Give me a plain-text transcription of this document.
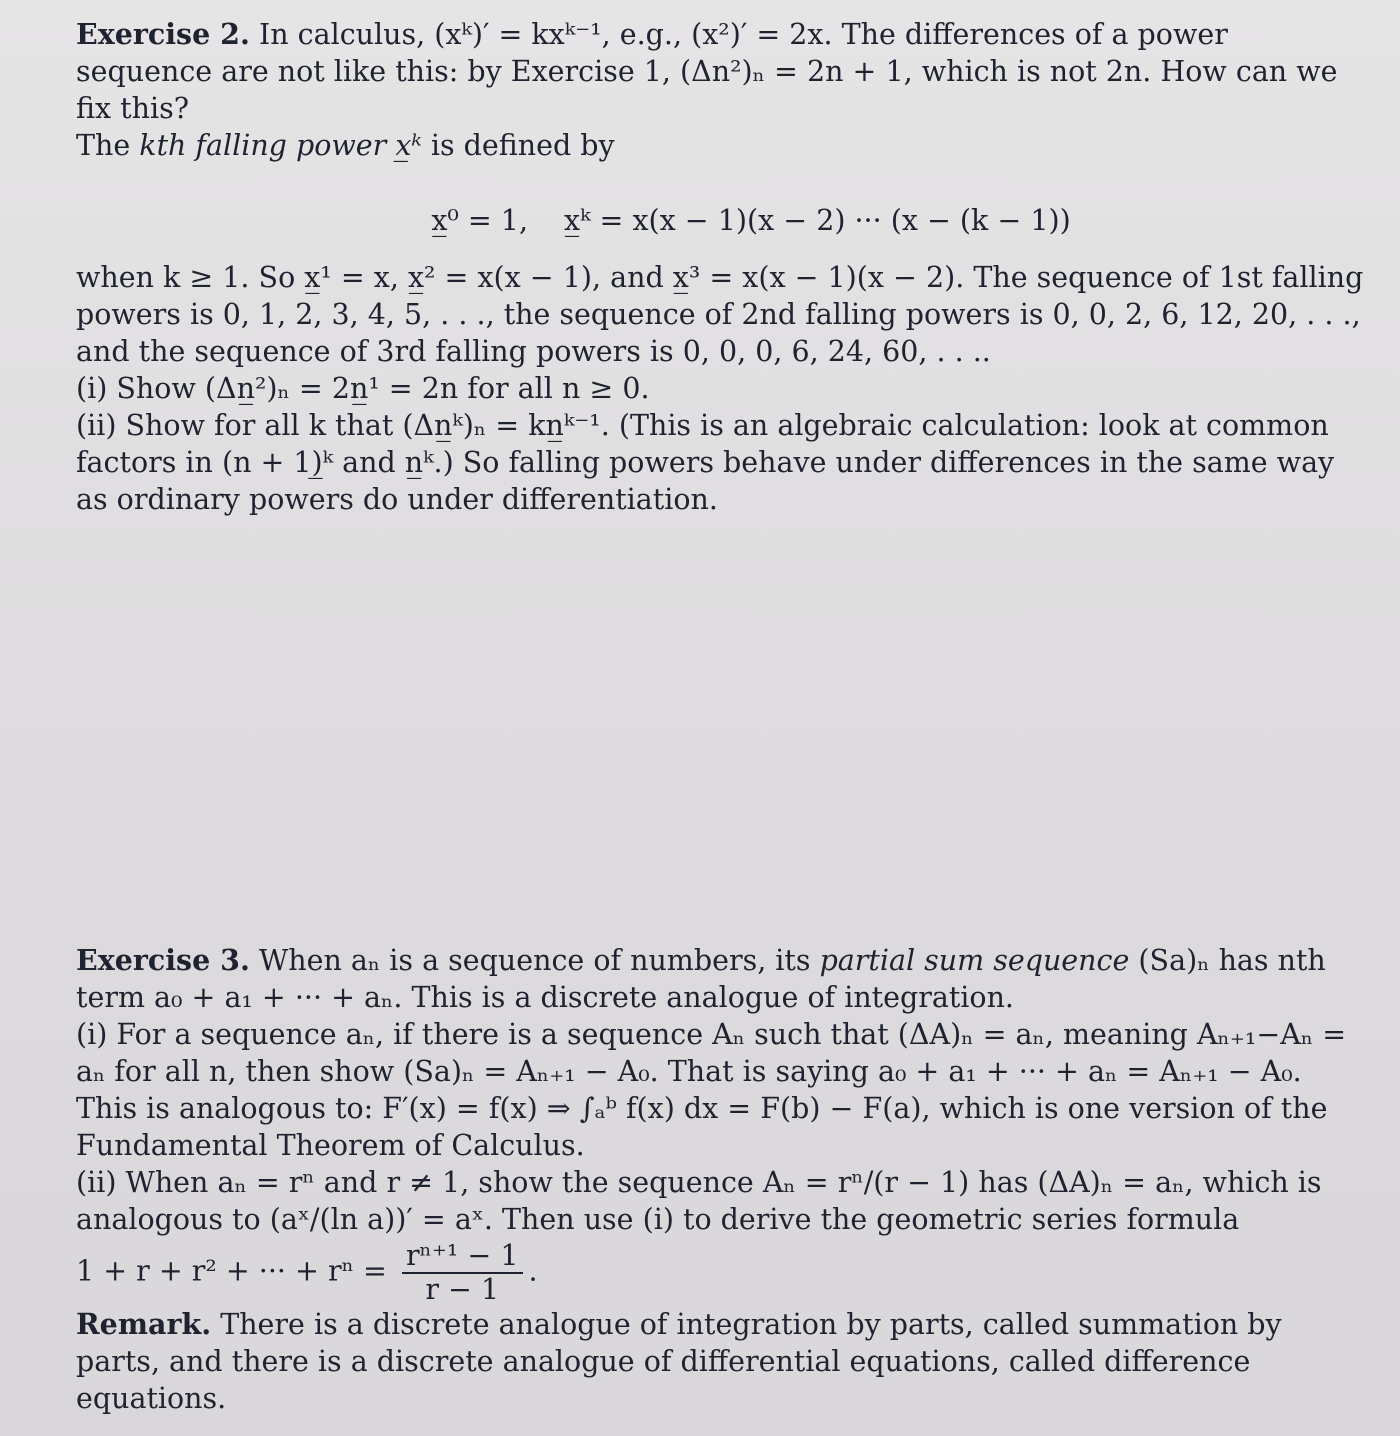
Exercise 2. In calculus, (xᵏ)′ = kxᵏ⁻¹, e.g., (x²)′ = 2x. The differences of a power sequence are not like this: by Exercise 1, (Δn²)ₙ = 2n + 1, which is not 2n. How can we fix this?

The kth falling power x̲ᵏ is defined by

x̲⁰ = 1, x̲ᵏ = x(x − 1)(x − 2) ··· (x − (k − 1))

when k ≥ 1. So x̲¹ = x, x̲² = x(x − 1), and x̲³ = x(x − 1)(x − 2). The sequence of 1st falling powers is 0, 1, 2, 3, 4, 5, . . ., the sequence of 2nd falling powers is 0, 0, 2, 6, 12, 20, . . ., and the sequence of 3rd falling powers is 0, 0, 0, 6, 24, 60, . . ..

(i) Show (Δn̲²)ₙ = 2n̲¹ = 2n for all n ≥ 0.

(ii) Show for all k that (Δn̲ᵏ)ₙ = kn̲ᵏ⁻¹. (This is an algebraic calculation: look at common factors in (n + 1)̲ᵏ and n̲ᵏ.) So falling powers behave under differences in the same way as ordinary powers do under differentiation.

Exercise 3. When aₙ is a sequence of numbers, its partial sum sequence (Sa)ₙ has nth term a₀ + a₁ + ··· + aₙ. This is a discrete analogue of integration.

(i) For a sequence aₙ, if there is a sequence Aₙ such that (ΔA)ₙ = aₙ, meaning Aₙ₊₁−Aₙ = aₙ for all n, then show (Sa)ₙ = Aₙ₊₁ − A₀. That is saying a₀ + a₁ + ··· + aₙ = Aₙ₊₁ − A₀. This is analogous to: F′(x) = f(x) ⇒ ∫ₐᵇ f(x) dx = F(b) − F(a), which is one version of the Fundamental Theorem of Calculus.

(ii) When aₙ = rⁿ and r ≠ 1, show the sequence Aₙ = rⁿ/(r − 1) has (ΔA)ₙ = aₙ, which is analogous to (aˣ/(ln a))′ = aˣ. Then use (i) to derive the geometric series formula

1 + r + r² + ··· + $r^n = \frac{\text{rⁿ⁺¹ − 1}}{r - 1}$ .

Remark. There is a discrete analogue of integration by parts, called summation by parts, and there is a discrete analogue of differential equations, called difference equations.
